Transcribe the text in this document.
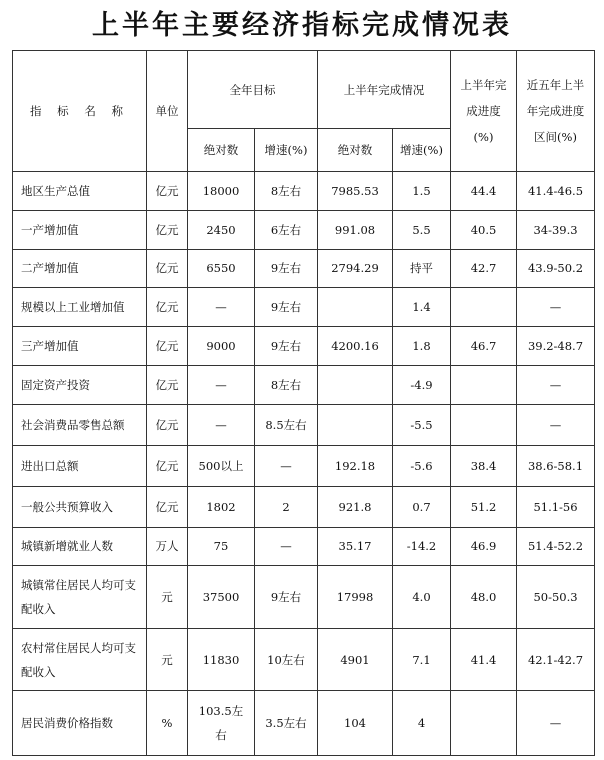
上半年主要经济指标完成情况表
指 标 名 称	单位	全年目标		上半年完成情况		上半年完成进度(%)	近五年上半年完成进度区间(%)
		绝对数	增速(%)	绝对数	增速(%)		
地区生产总值	亿元	18000	8左右	7985.53	1.5	44.4	41.4-46.5
一产增加值	亿元	2450	6左右	991.08	5.5	40.5	34-39.3
二产增加值	亿元	6550	9左右	2794.29	持平	42.7	43.9-50.2
规模以上工业增加值	亿元	—	9左右		1.4		—
三产增加值	亿元	9000	9左右	4200.16	1.8	46.7	39.2-48.7
固定资产投资	亿元	—	8左右		-4.9		—
社会消费品零售总额	亿元	—	8.5左右		-5.5		—
进出口总额	亿元	500以上	—	192.18	-5.6	38.4	38.6-58.1
一般公共预算收入	亿元	1802	2	921.8	0.7	51.2	51.1-56
城镇新增就业人数	万人	75	—	35.17	-14.2	46.9	51.4-52.2
城镇常住居民人均可支配收入	元	37500	9左右	17998	4.0	48.0	50-50.3
农村常住居民人均可支配收入	元	11830	10左右	4901	7.1	41.4	42.1-42.7
居民消费价格指数	%	103.5左右	3.5左右	104	4		—
